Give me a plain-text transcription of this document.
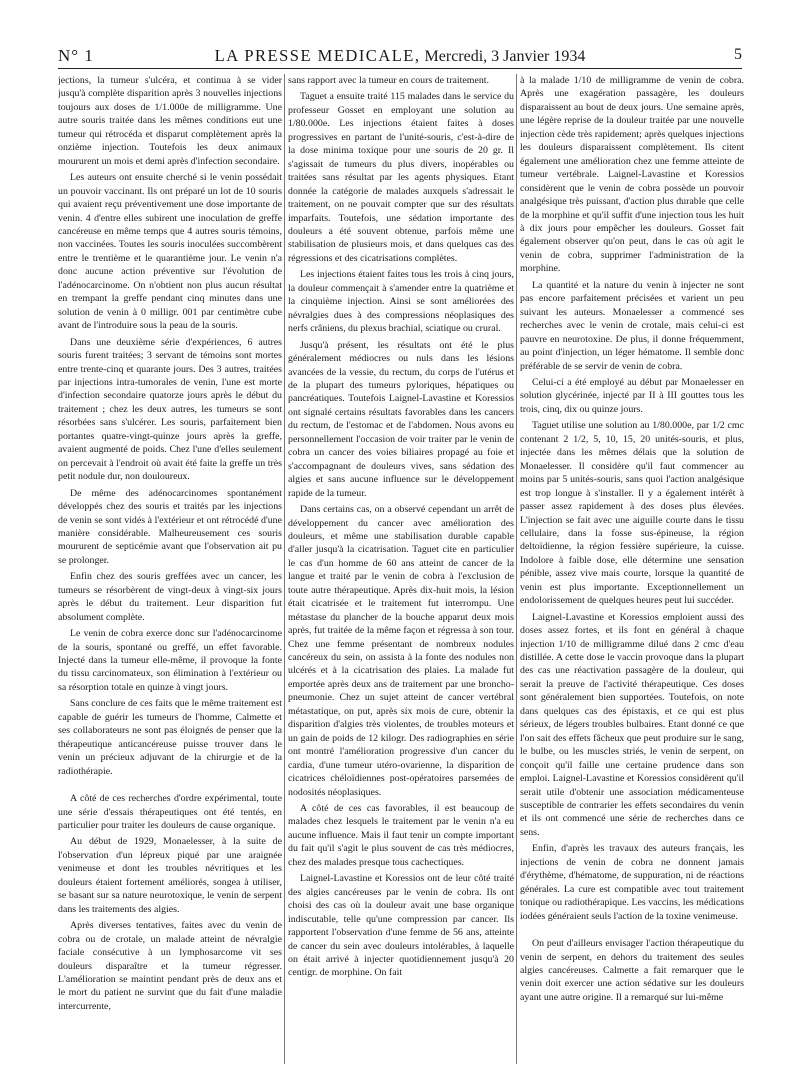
N° 1	LA PRESSE MEDICALE, Mercredi, 3 Janvier 1934	5

jections, la tumeur s'ulcéra, et continua à se vider jusqu'à complète disparition après 3 nouvelles injections toujours aux doses de 1/1.000e de milligramme. Une autre souris traitée dans les mêmes conditions eut une tumeur qui rétrocéda et disparut complètement après la onzième injection. Toutefois les deux animaux moururent un mois et demi après d'infection secondaire.

Les auteurs ont ensuite cherché si le venin possédait un pouvoir vaccinant. Ils ont préparé un lot de 10 souris qui avaient reçu préventivement une dose importante de venin. 4 d'entre elles subirent une inoculation de greffe cancéreuse en même temps que 4 autres souris témoins, non vaccinées. Toutes les souris inoculées succombèrent entre le trentième et le quarantième jour. Le venin n'a donc aucune action préventive sur l'évolution de l'adénocarcinome. On n'obtient non plus aucun résultat en trempant la greffe pendant cinq minutes dans une solution de venin à 0 milligr. 001 par centimètre cube avant de l'introduire sous la peau de la souris.

Dans une deuxième série d'expériences, 6 autres souris furent traitées; 3 servant de témoins sont mortes entre trente-cinq et quarante jours. Des 3 autres, traitées par injections intra-tumorales de venin, l'une est morte d'infection secondaire quatorze jours après le début du traitement ; chez les deux autres, les tumeurs se sont résorbées sans s'ulcérer. Les souris, parfaitement bien portantes quatre-vingt-quinze jours après la greffe, avaient augmenté de poids. Chez l'une d'elles seulement on percevait à l'endroit où avait été faite la greffe un très petit nodule dur, non douloureux.

De même des adénocarcinomes spontanément développés chez des souris et traités par les injections de venin se sont vidés à l'extérieur et ont rétrocédé d'une manière considérable. Malheureusement ces souris moururent de septicémie avant que l'observation ait pu se prolonger.

Enfin chez des souris greffées avec un cancer, les tumeurs se résorbèrent de vingt-deux à vingt-six jours après le début du traitement. Leur disparition fut absolument complète.

Le venin de cobra exerce donc sur l'adénocarcinome de la souris, spontané ou greffé, un effet favorable. Injecté dans la tumeur elle-même, il provoque la fonte du tissu carcinomateux, son élimination à l'extérieur ou sa résorption totale en quinze à vingt jours.

Sans conclure de ces faits que le même traitement est capable de guérir les tumeurs de l'homme, Calmette et ses collaborateurs ne sont pas éloignés de penser que la thérapeutique anticancéreuse puisse trouver dans le venin un précieux adjuvant de la chirurgie et de la radiothérapie.

A côté de ces recherches d'ordre expérimental, toute une série d'essais thérapeutiques ont été tentés, en particulier pour traiter les douleurs de cause organique.

Au début de 1929, Monaelesser, à la suite de l'observation d'un lépreux piqué par une araignée venimeuse et dont les troubles névritiques et les douleurs étaient fortement améliorés, songea à utiliser, se basant sur sa nature neurotoxique, le venin de serpent dans les traitements des algies.

Après diverses tentatives, faites avec du venin de cobra ou de crotale, un malade atteint de névralgie faciale consécutive à un lymphosarcome vit ses douleurs disparaître et la tumeur régresser. L'amélioration se maintint pendant près de deux ans et le mort du patient ne survint que du fait d'une maladie intercurrente,

sans rapport avec la tumeur en cours de traitement.

Taguet a ensuite traité 115 malades dans le service du professeur Gosset en employant une solution au 1/80.000e. Les injections étaient faites à doses progressives en partant de l'unité-souris, c'est-à-dire de la dose minima toxique pour une souris de 20 gr. Il s'agissait de tumeurs du plus divers, inopérables ou traitées sans résultat par les agents physiques. Etant donnée la catégorie de malades auxquels s'adressait le traitement, on ne pouvait compter que sur des résultats imparfaits. Toutefois, une sédation importante des douleurs a été souvent obtenue, parfois même une stabilisation de plusieurs mois, et dans quelques cas des régressions et des cicatrisations complètes.

Les injections étaient faites tous les trois à cinq jours, la douleur commençait à s'amender entre la quatrième et la cinquième injection. Ainsi se sont améliorées des névralgies dues à des compressions néoplasiques des nerfs crâniens, du plexus brachial, sciatique ou crural.

Jusqu'à présent, les résultats ont été le plus généralement médiocres ou nuls dans les lésions avancées de la vessie, du rectum, du corps de l'utérus et de la plupart des tumeurs pyloriques, hépatiques ou pancréatiques. Toutefois Laignel-Lavastine et Koressios ont signalé certains résultats favorables dans les cancers du rectum, de l'estomac et de l'abdomen. Nous avons eu personnellement l'occasion de voir traiter par le venin de cobra un cancer des voies biliaires propagé au foie et s'accompagnant de douleurs vives, sans sédation des algies et sans aucune influence sur le développement rapide de la tumeur.

Dans certains cas, on a observé cependant un arrêt de développement du cancer avec amélioration des douleurs, et même une stabilisation durable capable d'aller jusqu'à la cicatrisation. Taguet cite en particulier le cas d'un homme de 60 ans atteint de cancer de la langue et traité par le venin de cobra à l'exclusion de toute autre thérapeutique. Après dix-huit mois, la lésion était cicatrisée et le traitement fut interrompu. Une métastase du plancher de la bouche apparut deux mois après, fut traitée de la même façon et régressa à son tour. Chez une femme présentant de nombreux nodules cancéreux du sein, on assista à la fonte des nodules non ulcérés et à la cicatrisation des plaies. La malade fut emportée après deux ans de traitement par une broncho-pneumonie. Chez un sujet atteint de cancer vertébral métastatique, on put, après six mois de cure, obtenir la disparition d'algies très violentes, de troubles moteurs et un gain de poids de 12 kilogr. Des radiographies en série ont montré l'amélioration progressive d'un cancer du cardia, d'une tumeur utéro-ovarienne, la disparition de cicatrices chéloïdiennes post-opératoires parsemées de nodosités néoplasiques.

A côté de ces cas favorables, il est beaucoup de malades chez lesquels le traitement par le venin n'a eu aucune influence. Mais il faut tenir un compte important du fait qu'il s'agit le plus souvent de cas très médiocres, chez des malades presque tous cachectiques.

Laignel-Lavastine et Koressios ont de leur côté traité des algies cancéreuses par le venin de cobra. Ils ont choisi des cas où la douleur avait une base organique indiscutable, telle qu'une compression par cancer. Ils rapportent l'observation d'une femme de 56 ans, atteinte de cancer du sein avec douleurs intolérables, à laquelle on était arrivé à injecter quotidiennement jusqu'à 20 centigr. de morphine. On fait

à la malade 1/10 de milligramme de venin de cobra. Après une exagération passagère, les douleurs disparaissent au bout de deux jours. Une semaine après, une légère reprise de la douleur traitée par une nouvelle injection cède très rapidement; après quelques injections les douleurs disparaissent complètement. Ils citent également une amélioration chez une femme atteinte de tumeur vertébrale. Laignel-Lavastine et Koressios considèrent que le venin de cobra possède un pouvoir analgésique très puissant, d'action plus durable que celle de la morphine et qu'il suffit d'une injection tous les huit à dix jours pour empêcher les douleurs. Gosset fait également observer qu'on peut, dans le cas où agit le venin de cobra, supprimer l'administration de la morphine.

La quantité et la nature du venin à injecter ne sont pas encore parfaitement précisées et varient un peu suivant les auteurs. Monaelesser a commencé ses recherches avec le venin de crotale, mais celui-ci est pauvre en neurotoxine. De plus, il donne fréquemment, au point d'injection, un léger hématome. Il semble donc préférable de se servir de venin de cobra.

Celui-ci a été employé au début par Monaelesser en solution glycérinée, injecté par II à III gouttes tous les trois, cinq, dix ou quinze jours.

Taguet utilise une solution au 1/80.000e, par 1/2 cmc contenant 2 1/2, 5, 10, 15, 20 unités-souris, et plus, injectée dans les mêmes délais que la solution de Monaelesser. Il considère qu'il faut commencer au moins par 5 unités-souris, sans quoi l'action analgésique est trop longue à s'installer. Il y a également intérêt à passer assez rapidement à des doses plus élevées. L'injection se fait avec une aiguille courte dans le tissu cellulaire, dans la fosse sus-épineuse, la région deltoïdienne, la région fessière supérieure, la cuisse. Indolore à faible dose, elle détermine une sensation pénible, assez vive mais courte, lorsque la quantité de venin est plus importante. Exceptionnellement un endolorissement de quelques heures peut lui succéder.

Laignel-Lavastine et Koressios emploient aussi des doses assez fortes, et ils font en général à chaque injection 1/10 de milligramme dilué dans 2 cmc d'eau distillée. A cette dose le vaccin provoque dans la plupart des cas une réactivation passagère de la douleur, qui serait la preuve de l'activité thérapeutique. Ces doses sont généralement bien supportées. Toutefois, on note dans quelques cas des épistaxis, et ce qui est plus sérieux, de légers troubles bulbaires. Etant donné ce que l'on sait des effets fâcheux que peut produire sur le sang, le bulbe, ou les muscles striés, le venin de serpent, on conçoit qu'il faille une certaine prudence dans son emploi. Laignel-Lavastine et Koressios considèrent qu'il serait utile d'obtenir une association médicamenteuse susceptible de contrarier les effets secondaires du venin et ils ont commencé une série de recherches dans ce sens.

Enfin, d'après les travaux des auteurs français, les injections de venin de cobra ne donnent jamais d'érythème, d'hématome, de suppuration, ni de réactions générales. La cure est compatible avec tout traitement tonique ou radiothérapique. Les vaccins, les médications iodées généraient seuls l'action de la toxine venimeuse.

On peut d'ailleurs envisager l'action thérapeutique du venin de serpent, en dehors du traitement des seules algies cancéreuses. Calmette a fait remarquer que le venin doit exercer une action sédative sur les douleurs ayant une autre origine. Il a remarqué sur lui-même
